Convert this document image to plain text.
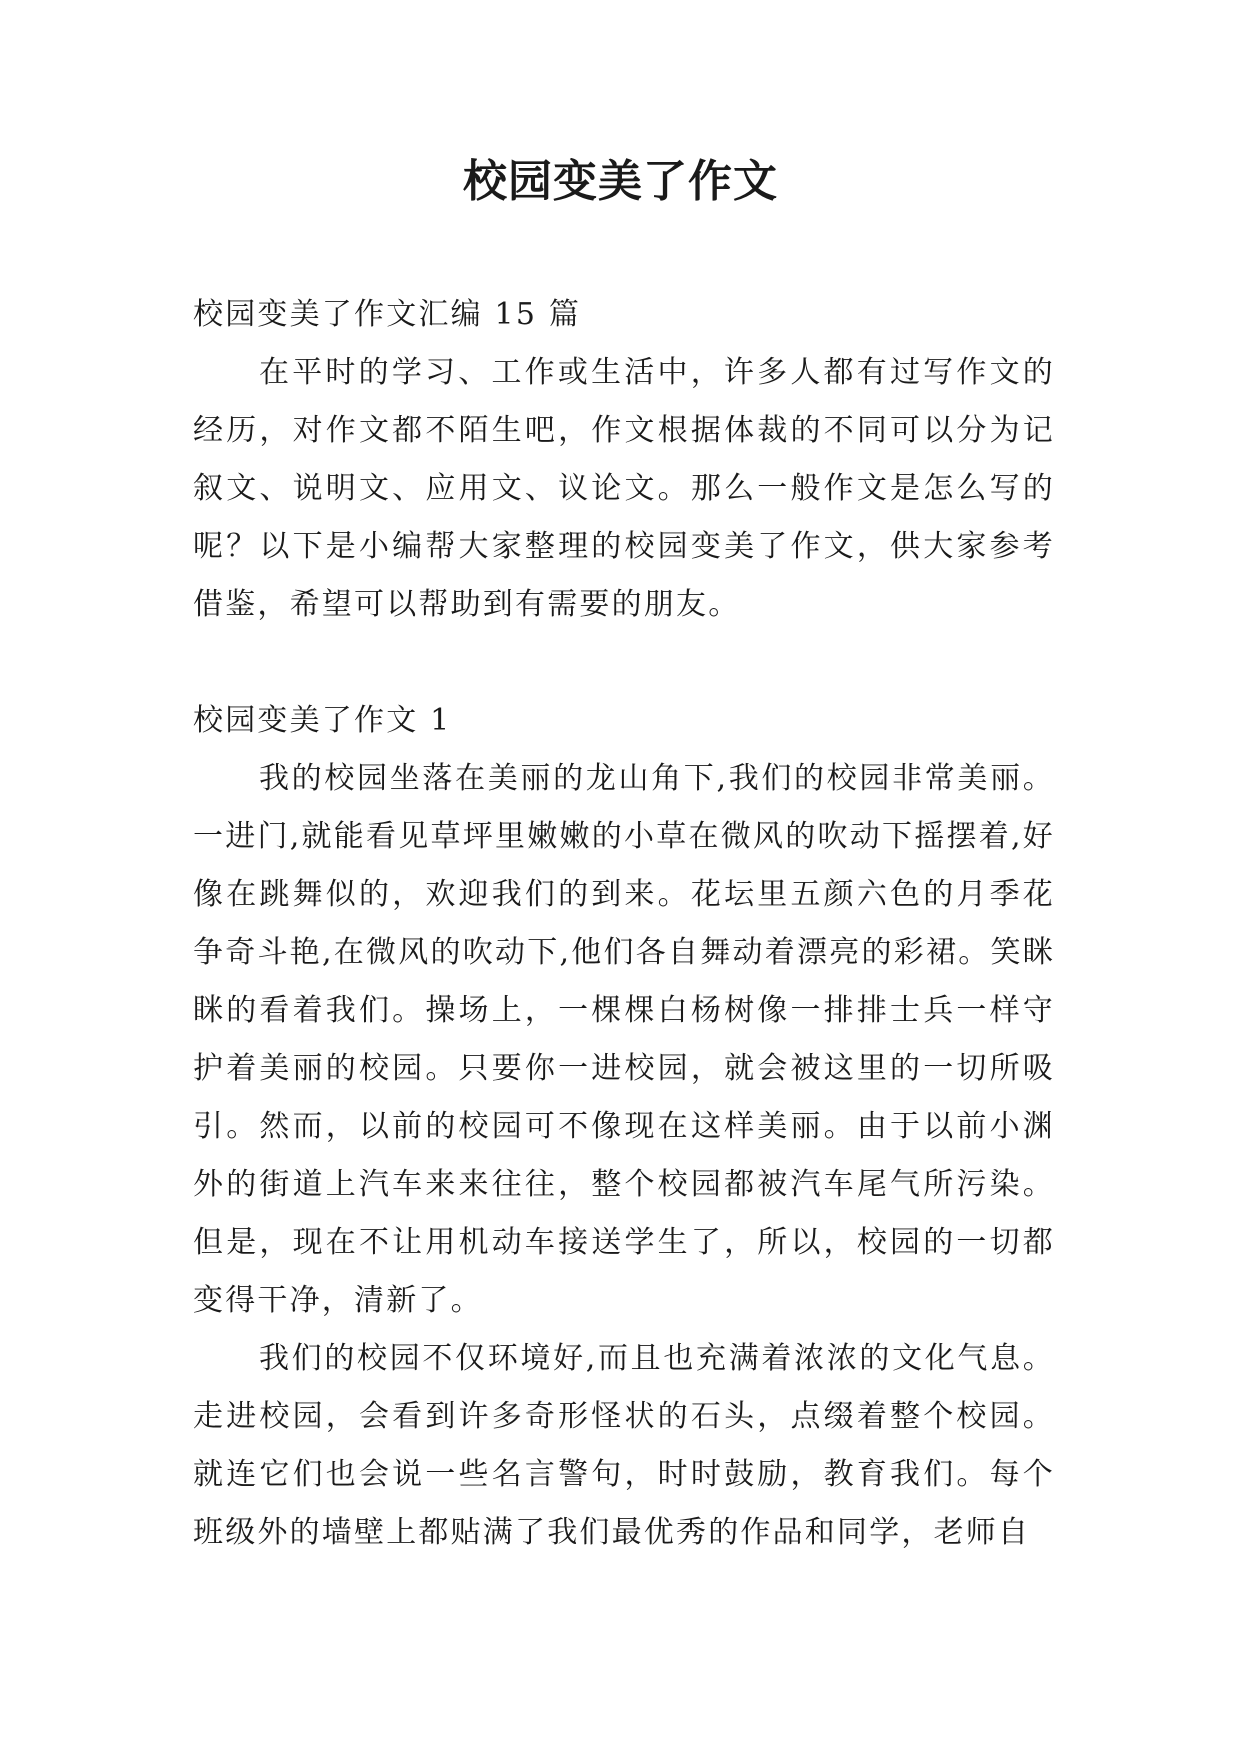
校园变美了作文

校园变美了作文汇编 15 篇

在平时的学习、工作或生活中，许多人都有过写作文的经历，对作文都不陌生吧，作文根据体裁的不同可以分为记叙文、说明文、应用文、议论文。那么一般作文是怎么写的呢？以下是小编帮大家整理的校园变美了作文，供大家参考借鉴，希望可以帮助到有需要的朋友。

校园变美了作文 1

我的校园坐落在美丽的龙山角下,我们的校园非常美丽。一进门,就能看见草坪里嫩嫩的小草在微风的吹动下摇摆着,好像在跳舞似的，欢迎我们的到来。花坛里五颜六色的月季花争奇斗艳,在微风的吹动下,他们各自舞动着漂亮的彩裙。笑眯眯的看着我们。操场上，一棵棵白杨树像一排排士兵一样守护着美丽的校园。只要你一进校园，就会被这里的一切所吸引。然而，以前的校园可不像现在这样美丽。由于以前小渊外的街道上汽车来来往往，整个校园都被汽车尾气所污染。但是，现在不让用机动车接送学生了，所以，校园的一切都变得干净，清新了。

我们的校园不仅环境好,而且也充满着浓浓的文化气息。走进校园，会看到许多奇形怪状的石头，点缀着整个校园。就连它们也会说一些名言警句，时时鼓励，教育我们。每个班级外的墙壁上都贴满了我们最优秀的作品和同学，老师自
